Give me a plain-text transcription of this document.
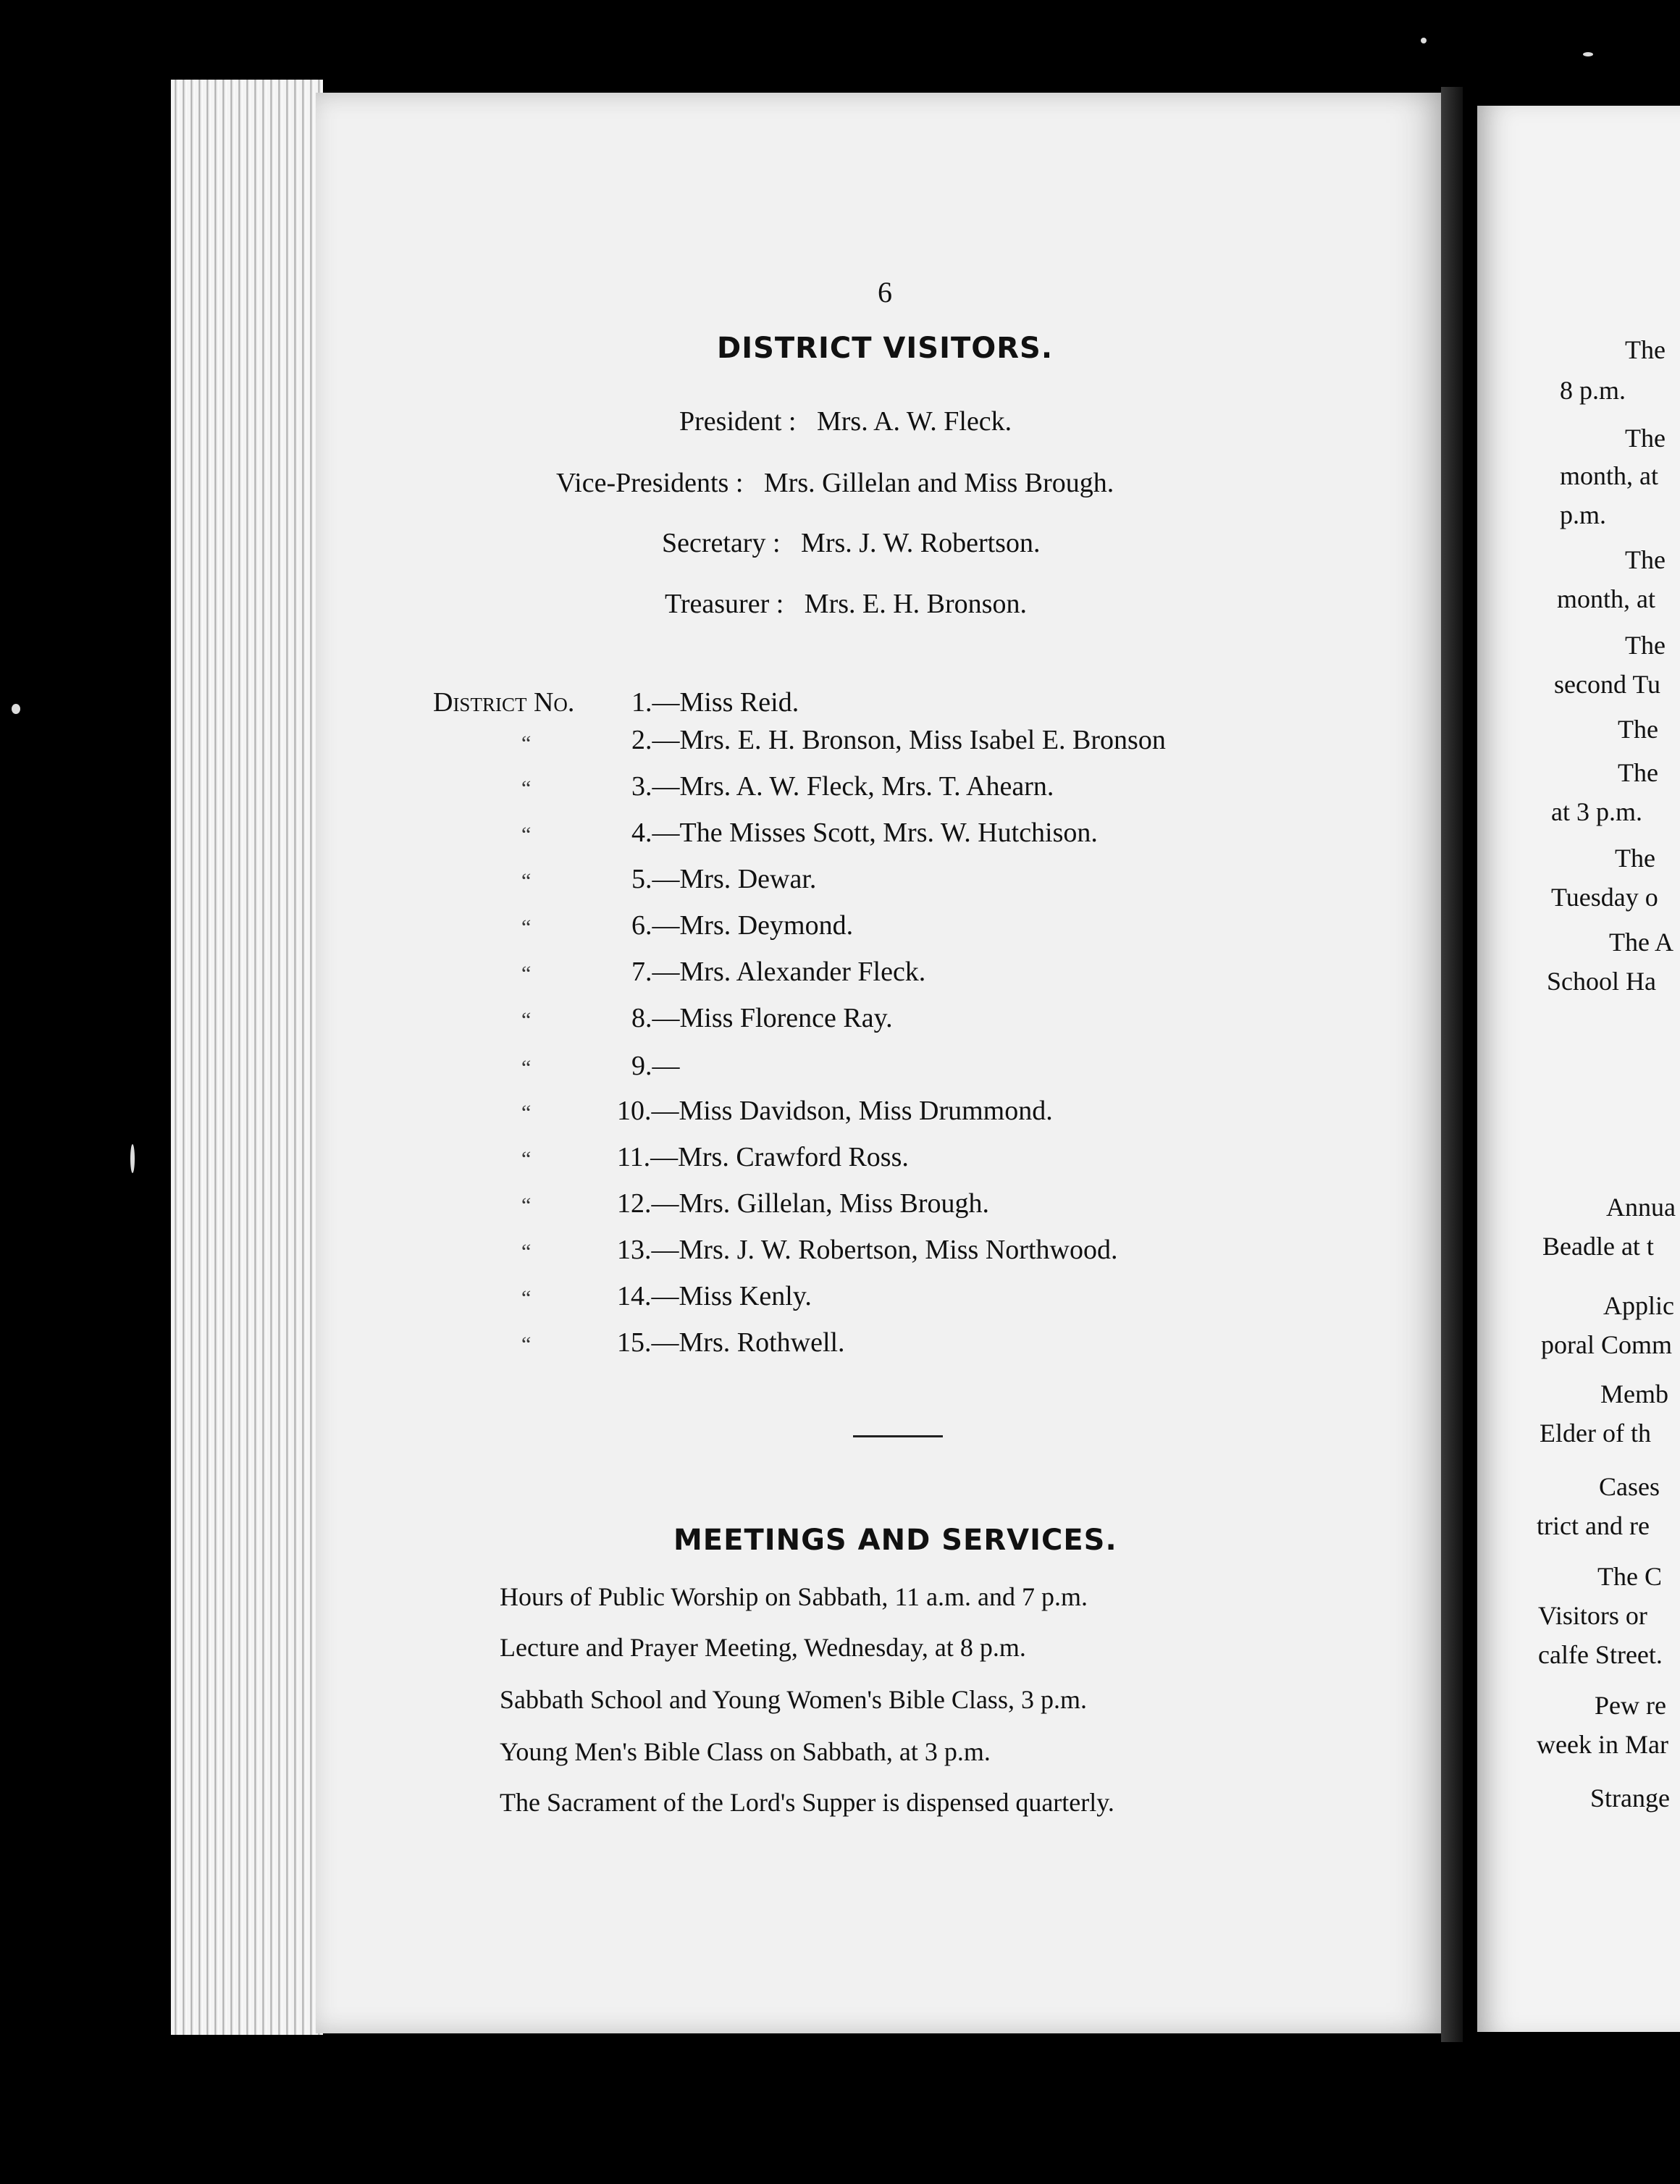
6
DISTRICT VISITORS.
President : Mrs. A. W. Fleck.
Vice-Presidents : Mrs. Gillelan and Miss Brough.
Secretary : Mrs. J. W. Robertson.
Treasurer : Mrs. E. H. Bronson.
District No. 1.—Miss Reid.
“	2.—Mrs. E. H. Bronson, Miss Isabel E. Bronson
“	3.—Mrs. A. W. Fleck, Mrs. T. Ahearn.
“	4.—The Misses Scott, Mrs. W. Hutchison.
“	5.—Mrs. Dewar.
“	6.—Mrs. Deymond.
“	7.—Mrs. Alexander Fleck.
“	8.—Miss Florence Ray.
“	9.—
“	10.—Miss Davidson, Miss Drummond.
“	11.—Mrs. Crawford Ross.
“	12.—Mrs. Gillelan, Miss Brough.
“	13.—Mrs. J. W. Robertson, Miss Northwood.
“	14.—Miss Kenly.
“	15.—Mrs. Rothwell.
MEETINGS AND SERVICES.
Hours of Public Worship on Sabbath, 11 a.m. and 7 p.m.
Lecture and Prayer Meeting, Wednesday, at 8 p.m.
Sabbath School and Young Women's Bible Class, 3 p.m.
Young Men's Bible Class on Sabbath, at 3 p.m.
The Sacrament of the Lord's Supper is dispensed quarterly.
The
8 p.m.
The
month, at
p.m.
The
month, at
The
second Tu
The
The
at 3 p.m.
The
Tuesday o
The A
School Ha
Annua
Beadle at t
Applic
poral Comm
Memb
Elder of th
Cases
trict and re
The C
Visitors or
calfe Street.
Pew re
week in Mar
Strange
